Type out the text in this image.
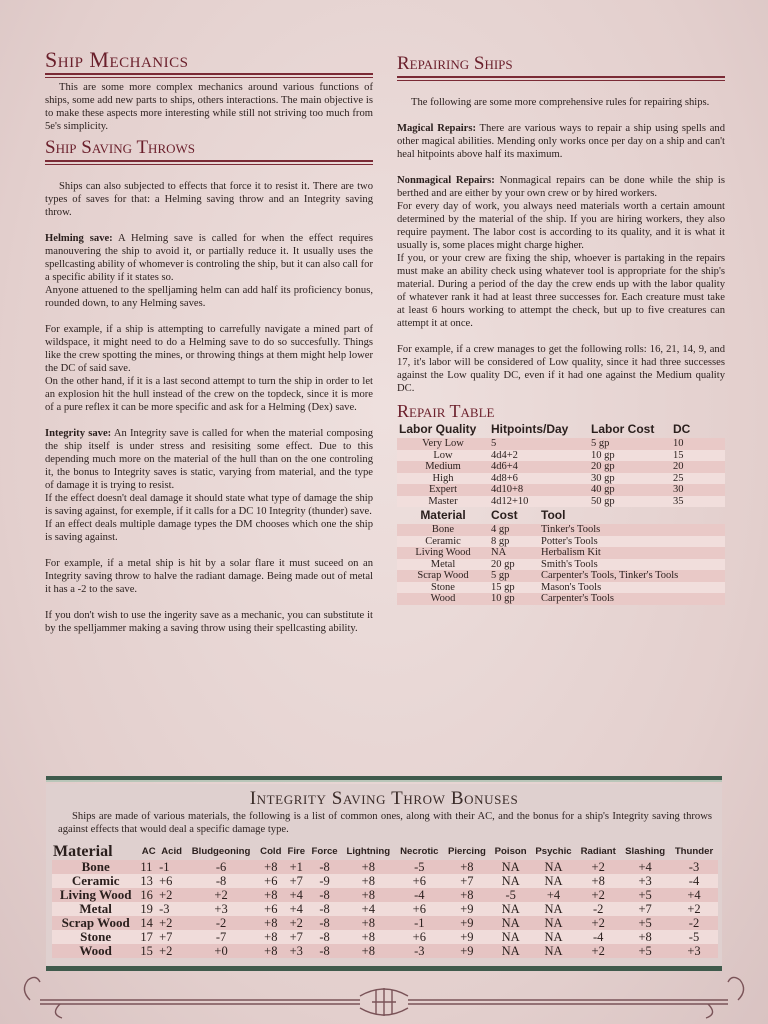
Ship Mechanics

This are some more complex mechanics around various functions of ships, some add new parts to ships, others interactions. The main objective is to make these aspects more interesting while still not striving too much from 5e's simplicity.

Ship Saving Throws

Ships can also subjected to effects that force it to resist it. There are two types of saves for that: a Helming saving throw and an Integrity saving throw.

Helming save: A Helming save is called for when the effect requires manouvering the ship to avoid it, or partially reduce it. It usually uses the spellcasting ability of whomever is controling the ship, but it can also call for a specific ability if it states so.

Anyone attuened to the spelljaming helm can add half its proficiency bonus, rounded down, to any Helming saves.

For example, if a ship is attempting to carrefully navigate a mined part of wildspace, it might need to do a Helming save to do so succesfully. Things like the crew spotting the mines, or throwing things at them might help lower the DC of said save.

On the other hand, if it is a last second attempt to turn the ship in order to let an explosion hit the hull instead of the crew on the topdeck, since it is more of a pure reflex it can be more specific and ask for a Helming (Dex) save.

Integrity save: An Integrity save is called for when the material composing the ship itself is under stress and resisiting some effect. Due to this depending much more on the material of the hull than on the one controling it, the bonus to Integrity saves is static, varying from material, and the type of damage it is trying to resist.

If the effect doesn't deal damage it should state what type of damage the ship is saving against, for exemple, if it calls for a DC 10 Integrity (thunder) save.

If an effect deals multiple damage types the DM chooses which one the ship is saving against.

For example, if a metal ship is hit by a solar flare it must suceed on an Integrity saving throw to halve the radiant damage. Being made out of metal it has a -2 to the save.

If you don't wish to use the ingerity save as a mechanic, you can substitute it by the spelljammer making a saving throw using their spellcasting ability.

Repairing Ships

The following are some more comprehensive rules for repairing ships.

Magical Repairs: There are various ways to repair a ship using spells and other magical abilities. Mending only works once per day on a ship and can't heal hitpoints above half its maximum.

Nonmagical Repairs: Nonmagical repairs can be done while the ship is berthed and are either by your own crew or by hired workers.

For every day of work, you always need materials worth a certain amount determined by the material of the ship. If you are hiring workers, they also require payment. The labor cost is according to its quality, and it is what it usually is, some places might charge higher.

If you, or your crew are fixing the ship, whoever is partaking in the repairs must make an ability check using whatever tool is appropriate for the ship's material. During a period of the day the crew ends up with the labor quality of whatever rank it had at least three successes for. Each creature must take at least 6 hours working to attempt the check, but up to five creatures can attempt it at once.

For example, if a crew manages to get the following rolls: 16, 21, 14, 9, and 17, it's labor will be considered of Low quality, since it had three successes against the Low quality DC, even if it had one against the Medium quality DC.

Repair Table
Labor Quality	Hitpoints/Day	Labor Cost	DC
Very Low	5	5 gp	10
Low	4d4+2	10 gp	15
Medium	4d6+4	20 gp	20
High	4d8+6	30 gp	25
Expert	4d10+8	40 gp	30
Master	4d12+10	50 gp	35
Material	Cost	Tool
Bone	4 gp	Tinker's Tools
Ceramic	8 gp	Potter's Tools
Living Wood	NA	Herbalism Kit
Metal	20 gp	Smith's Tools
Scrap Wood	5 gp	Carpenter's Tools, Tinker's Tools
Stone	15 gp	Mason's Tools
Wood	10 gp	Carpenter's Tools
Integrity Saving Throw Bonuses

Ships are made of various materials, the following is a list of common ones, along with their AC, and the bonus for a ship's Integrity saving throws against effects that would deal a specific damage type.

Material	AC	Acid	Bludgeoning	Cold	Fire	Force	Lightning	Necrotic	Piercing	Poison	Psychic	Radiant	Slashing	Thunder
Bone	11	-1	-6	+8	+1	-8	+8	-5	+8	NA	NA	+2	+4	-3
Ceramic	13	+6	-8	+6	+7	-9	+8	+6	+7	NA	NA	+8	+3	-4
Living Wood	16	+2	+2	+8	+4	-8	+8	-4	+8	-5	+4	+2	+5	+4
Metal	19	-3	+3	+6	+4	-8	+4	+6	+9	NA	NA	-2	+7	+2
Scrap Wood	14	+2	-2	+8	+2	-8	+8	-1	+9	NA	NA	+2	+5	-2
Stone	17	+7	-7	+8	+7	-8	+8	+6	+9	NA	NA	-4	+8	-5
Wood	15	+2	+0	+8	+3	-8	+8	-3	+9	NA	NA	+2	+5	+3
